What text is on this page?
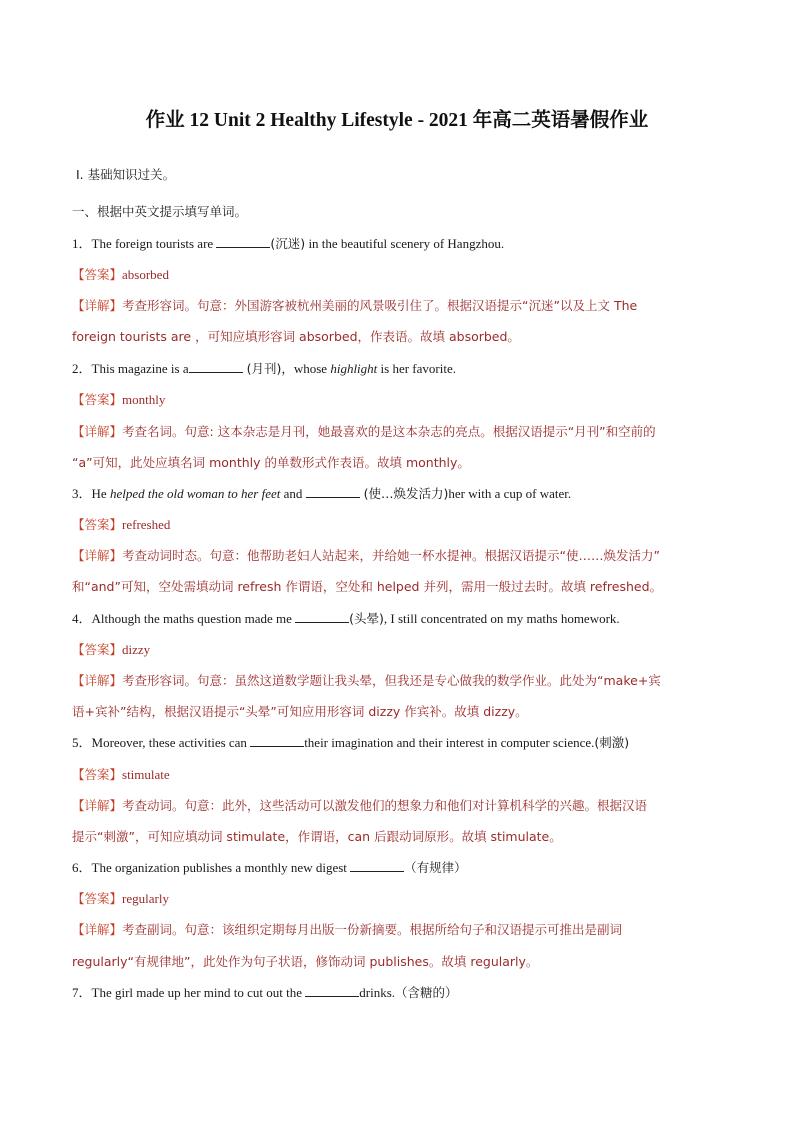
作业 12 Unit 2 Healthy Lifestyle - 2021 年高二英语暑假作业
I. 基础知识过关。
一、根据中英文提示填写单词。
1．The foreign tourists are	(沉迷) in the beautiful scenery of Hangzhou.
【答案】absorbed
【详解】考查形容词。句意：外国游客被杭州美丽的风景吸引住了。根据汉语提示“沉迷”以及上文 The
foreign tourists are ，可知应填形容词 absorbed，作表语。故填 absorbed。
2．This magazine is a	(月刊)，whose highlight is her favorite.
【答案】monthly
【详解】考查名词。句意: 这本杂志是月刊，她最喜欢的是这本杂志的亮点。根据汉语提示“月刊”和空前的
“a”可知，此处应填名词 monthly 的单数形式作表语。故填 monthly。
3．He helped the old woman to her feet and	(使…焕发活力)her with a cup of water.
【答案】refreshed
【详解】考查动词时态。句意：他帮助老妇人站起来，并给她一杯水提神。根据汉语提示“使……焕发活力”
和“and”可知，空处需填动词 refresh 作谓语，空处和 helped 并列，需用一般过去时。故填 refreshed。
4．Although the maths question made me	(头晕), I still concentrated on my maths homework.
【答案】dizzy
【详解】考查形容词。句意：虽然这道数学题让我头晕，但我还是专心做我的数学作业。此处为“make+宾
语+宾补”结构，根据汉语提示“头晕”可知应用形容词 dizzy 作宾补。故填 dizzy。
5．Moreover, these activities can	their imagination and their interest in computer science.(刺激)
【答案】stimulate
【详解】考查动词。句意：此外，这些活动可以激发他们的想象力和他们对计算机科学的兴趣。根据汉语
提示“刺激”，可知应填动词 stimulate，作谓语，can 后跟动词原形。故填 stimulate。
6．The organization publishes a monthly new digest	（有规律）
【答案】regularly
【详解】考查副词。句意：该组织定期每月出版一份新摘要。根据所给句子和汉语提示可推出是副词
regularly“有规律地”，此处作为句子状语，修饰动词 publishes。故填 regularly。
7．The girl made up her mind to cut out the	drinks.（含糖的）
